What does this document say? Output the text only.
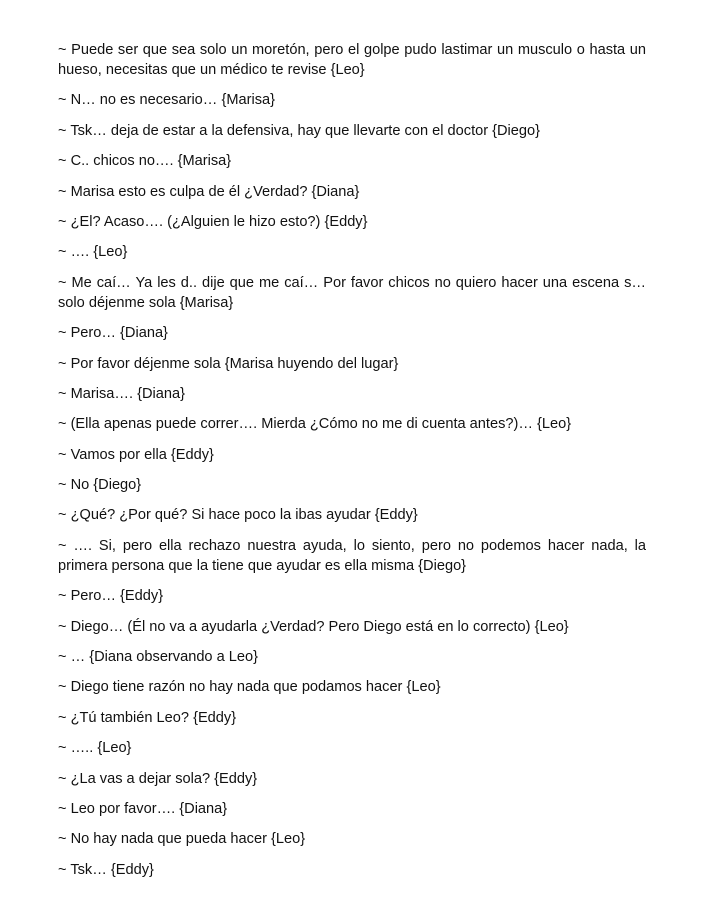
~ Puede ser que sea solo un moretón, pero el golpe pudo lastimar un musculo o hasta un hueso, necesitas que un médico te revise {Leo}

~ N… no es necesario… {Marisa}

~ Tsk… deja de estar a la defensiva, hay que llevarte con el doctor {Diego}

~ C.. chicos no…. {Marisa}

~ Marisa esto es culpa de él ¿Verdad? {Diana}

~ ¿El? Acaso…. (¿Alguien le hizo esto?) {Eddy}

~ …. {Leo}

~ Me caí… Ya les d.. dije que me caí… Por favor chicos no quiero hacer una escena s… solo déjenme sola {Marisa}

~ Pero… {Diana}

~ Por favor déjenme sola {Marisa huyendo del lugar}

~ Marisa…. {Diana}

~ (Ella apenas puede correr…. Mierda ¿Cómo no me di cuenta antes?)… {Leo}

~ Vamos por ella {Eddy}

~ No {Diego}

~ ¿Qué? ¿Por qué? Si hace poco la ibas ayudar {Eddy}

~ …. Si, pero ella rechazo nuestra ayuda, lo siento, pero no podemos hacer nada, la primera persona que la tiene que ayudar es ella misma {Diego}

~ Pero… {Eddy}

~ Diego… (Él no va a ayudarla ¿Verdad? Pero Diego está en lo correcto) {Leo}

~ … {Diana observando a Leo}

~ Diego tiene razón no hay nada que podamos hacer {Leo}

~ ¿Tú también Leo? {Eddy}

~ ….. {Leo}

~ ¿La vas a dejar sola? {Eddy}

~ Leo por favor…. {Diana}

~ No hay nada que pueda hacer {Leo}

~ Tsk… {Eddy}
